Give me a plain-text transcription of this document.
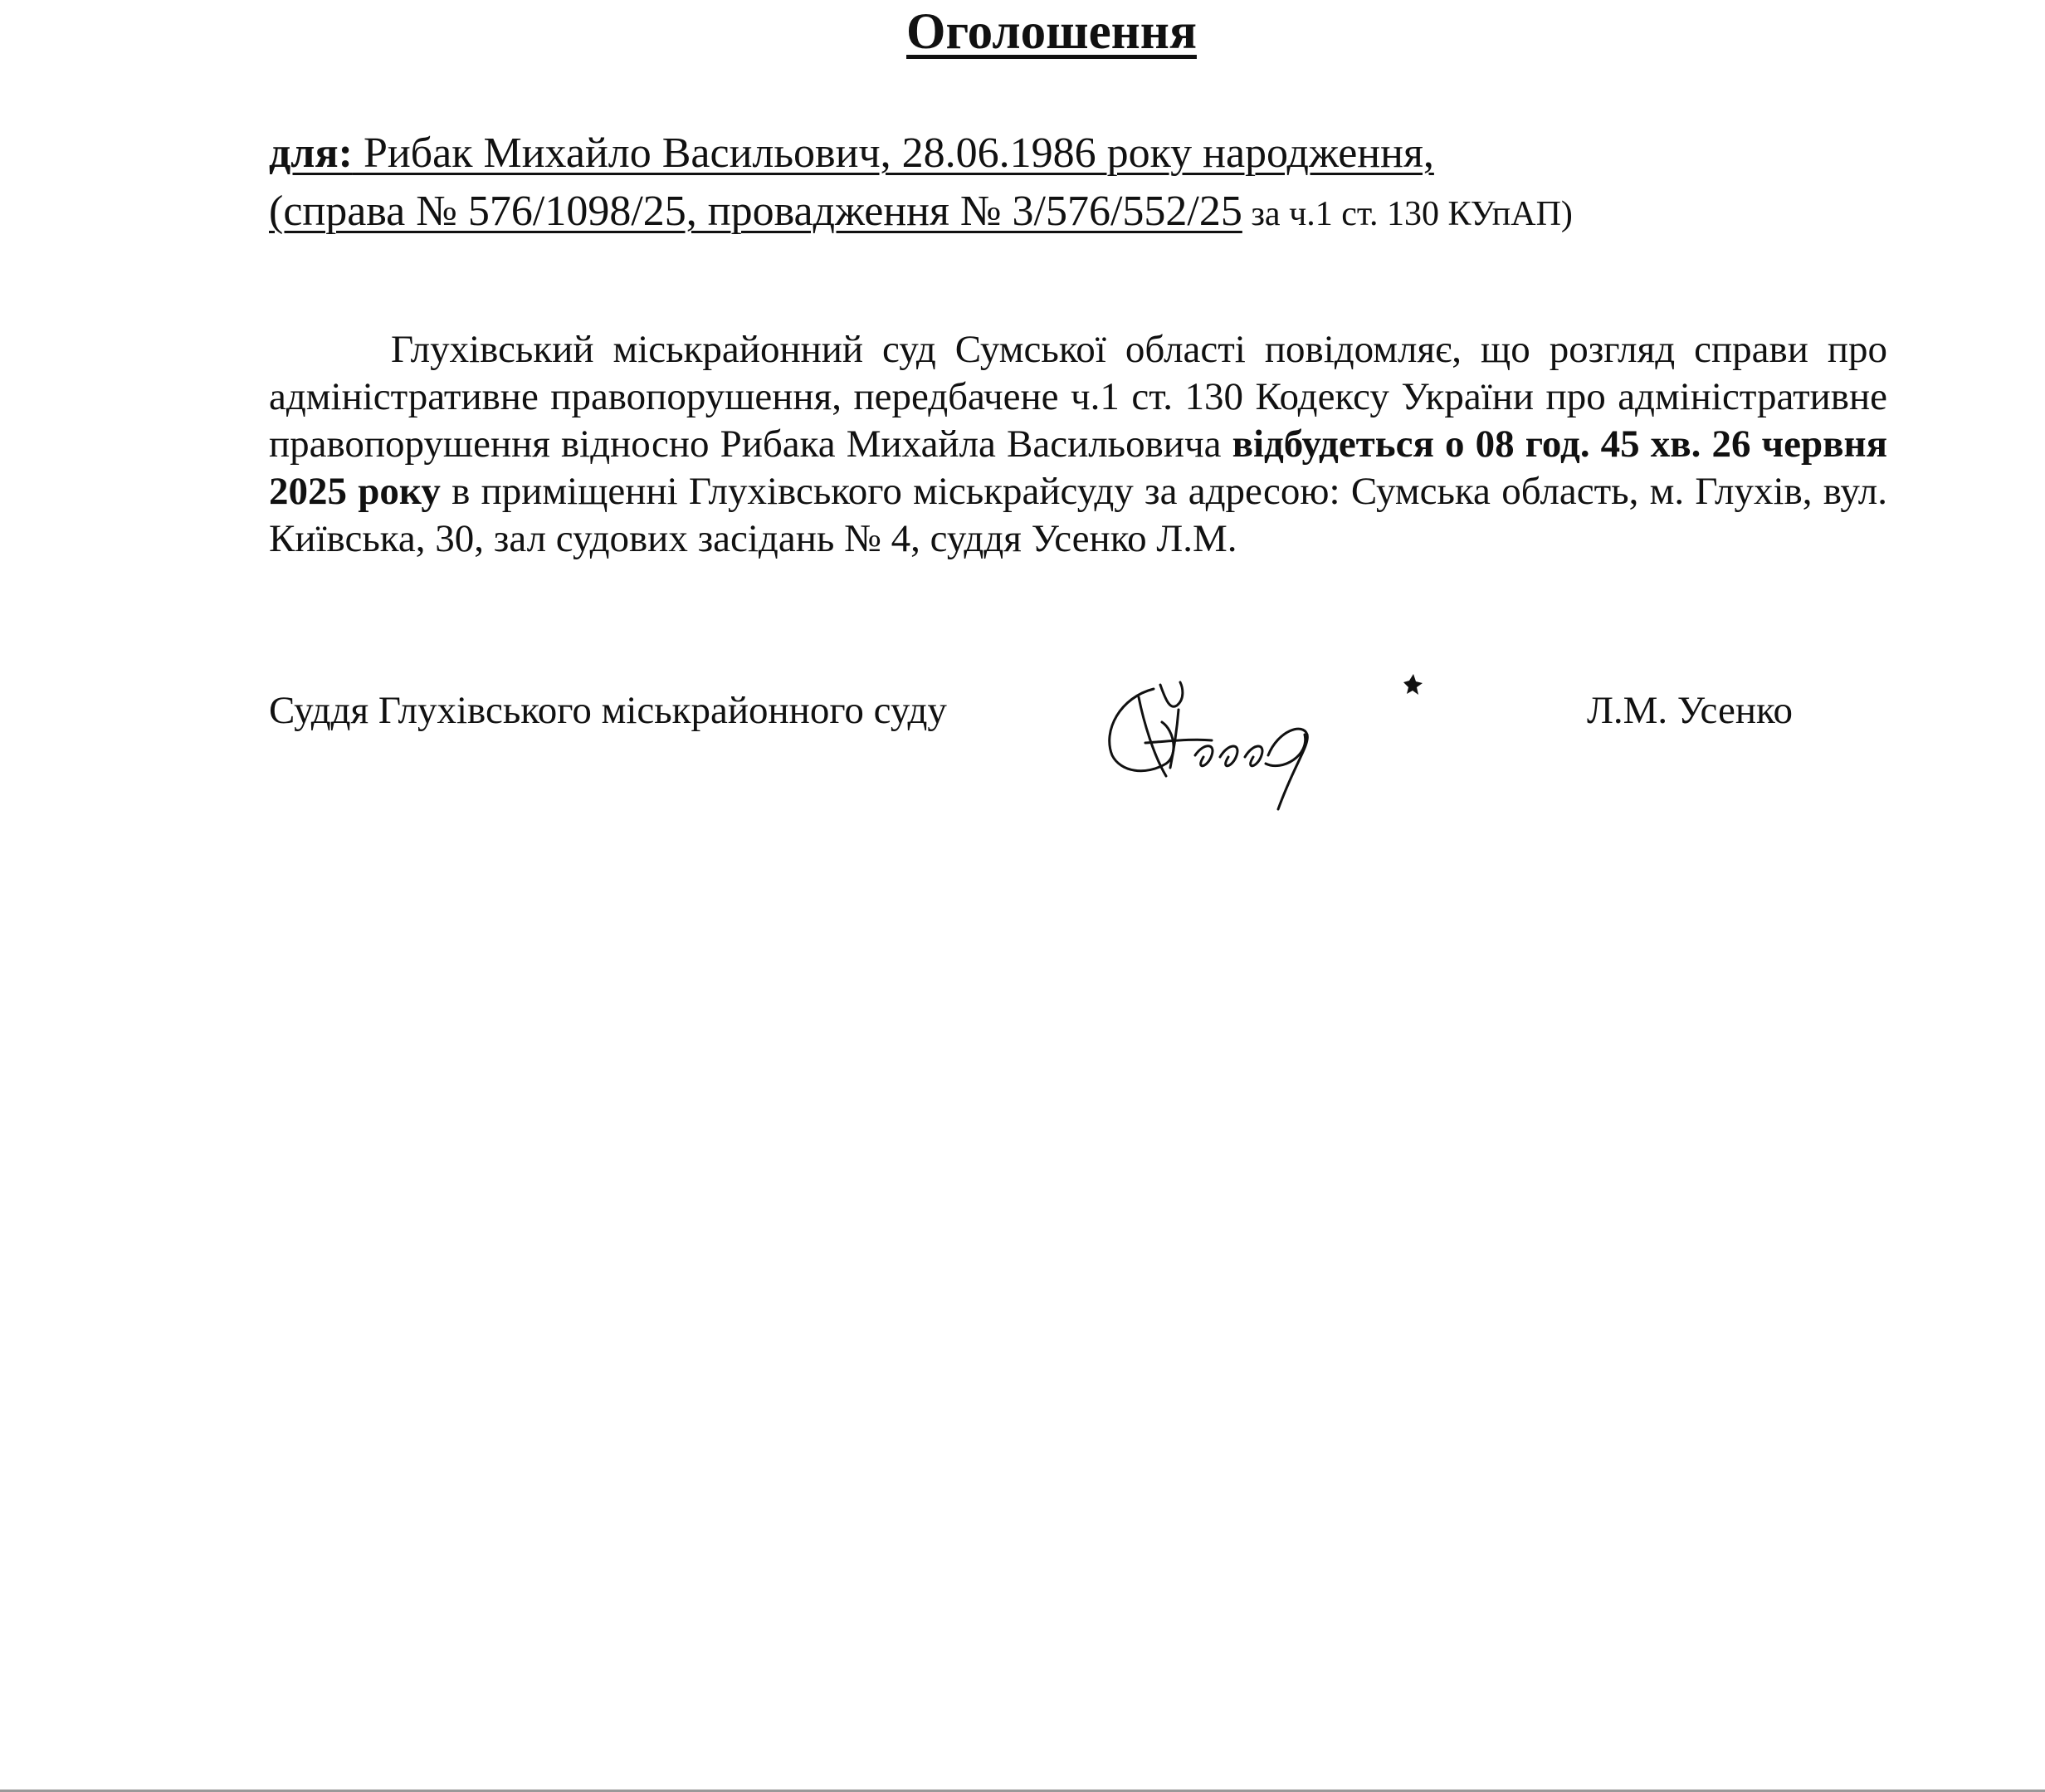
Оголошення
для: Рибак Михайло Васильович, 28.06.1986 року народження,
(справа № 576/1098/25, провадження № 3/576/552/25 за ч.1 ст. 130 КУпАП)

Глухівський міськрайонний суд Сумської області повідомляє, що розгляд справи про адміністративне правопорушення, передбачене ч.1 ст. 130 Кодексу України про адміністративне правопорушення відносно Рибака Михайла Васильовича відбудеться о 08 год. 45 хв. 26 червня 2025 року в приміщенні Глухівського міськрайсуду за адресою: Сумська область, м. Глухів, вул. Київська, 30, зал судових засідань № 4, суддя Усенко Л.М.

Суддя Глухівського міськрайонного суду	Л.М. Усенко
